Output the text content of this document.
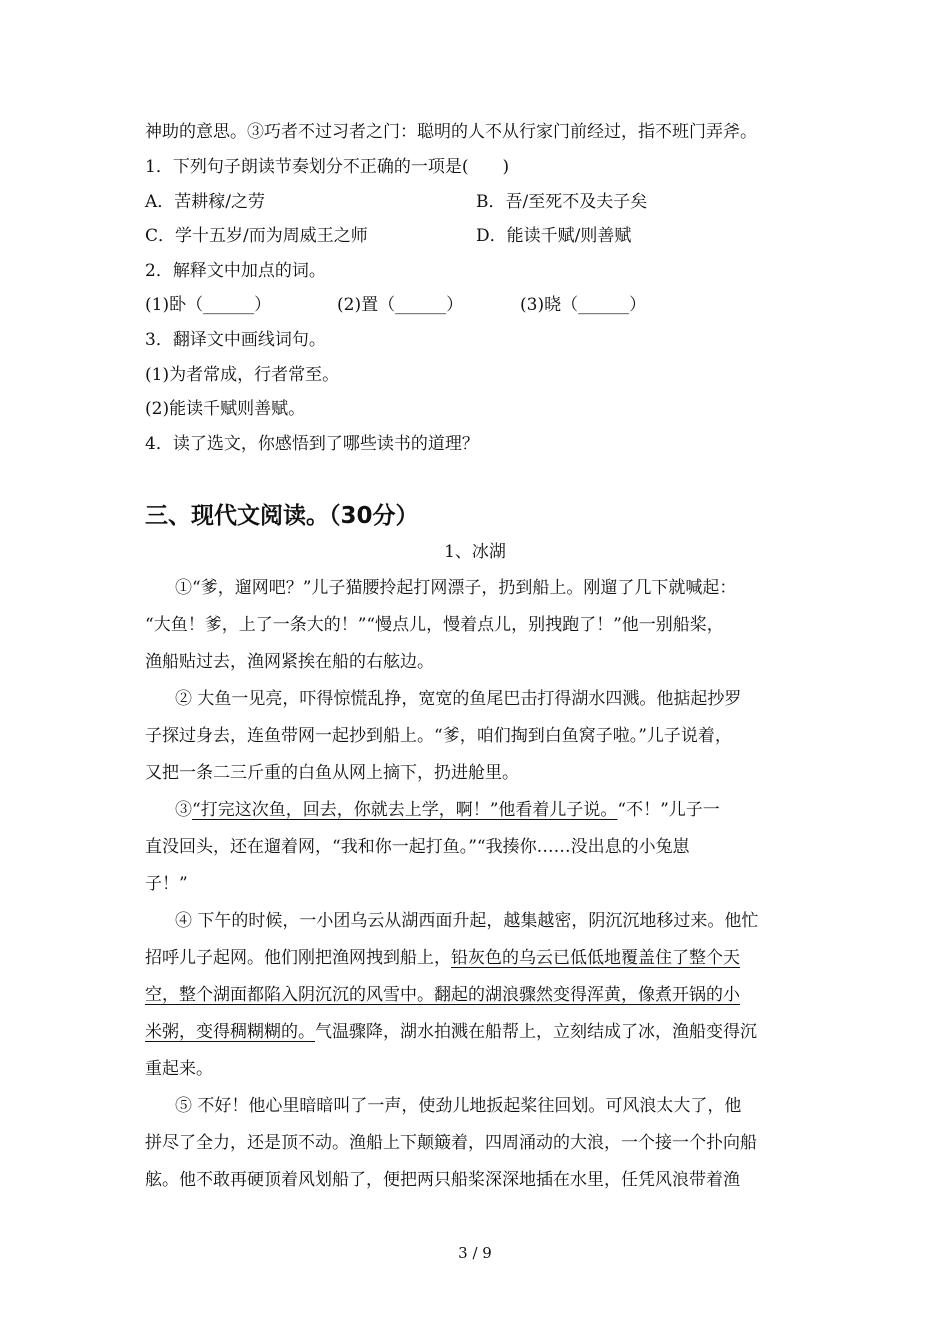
神助的意思。③巧者不过习者之门：聪明的人不从行家门前经过，指不班门弄斧。
1．下列句子朗读节奏划分不正确的一项是(　　)
A．苦耕稼/之劳	B．吾/至死不及夫子矣
C．学十五岁/而为周威王之师	D．能读千赋/则善赋
2．解释文中加点的词。
(1)卧（______）	(2)置（______）	(3)晓（______）
3．翻译文中画线词句。
(1)为者常成，行者常至。
(2)能读千赋则善赋。
4．读了选文，你感悟到了哪些读书的道理？
三、现代文阅读。（30分）
1、冰湖
①“爹，遛网吧？”儿子猫腰拎起打网漂子，扔到船上。刚遛了几下就喊起：
“大鱼！爹，上了一条大的！”“慢点儿，慢着点儿，别拽跑了！”他一别船桨，
渔船贴过去，渔网紧挨在船的右舷边。
② 大鱼一见亮，吓得惊慌乱挣，宽宽的鱼尾巴击打得湖水四溅。他掂起抄罗
子探过身去，连鱼带网一起抄到船上。“爹，咱们掏到白鱼窝子啦。”儿子说着，
又把一条二三斤重的白鱼从网上摘下，扔进舱里。
③“打完这次鱼，回去，你就去上学，啊！”他看着儿子说。“不！”儿子一
直没回头，还在遛着网，“我和你一起打鱼。”“我揍你……没出息的小兔崽
子！”
④ 下午的时候，一小团乌云从湖西面升起，越集越密，阴沉沉地移过来。他忙
招呼儿子起网。他们刚把渔网拽到船上，铅灰色的乌云已低低地覆盖住了整个天
空，整个湖面都陷入阴沉沉的风雪中。翻起的湖浪骤然变得浑黄，像煮开锅的小
米粥，变得稠糊糊的。气温骤降，湖水拍溅在船帮上，立刻结成了冰，渔船变得沉
重起来。
⑤ 不好！他心里暗暗叫了一声，使劲儿地扳起桨往回划。可风浪太大了，他
拼尽了全力，还是顶不动。渔船上下颠簸着，四周涌动的大浪，一个接一个扑向船
舷。他不敢再硬顶着风划船了，便把两只船桨深深地插在水里，任凭风浪带着渔
3 / 9
